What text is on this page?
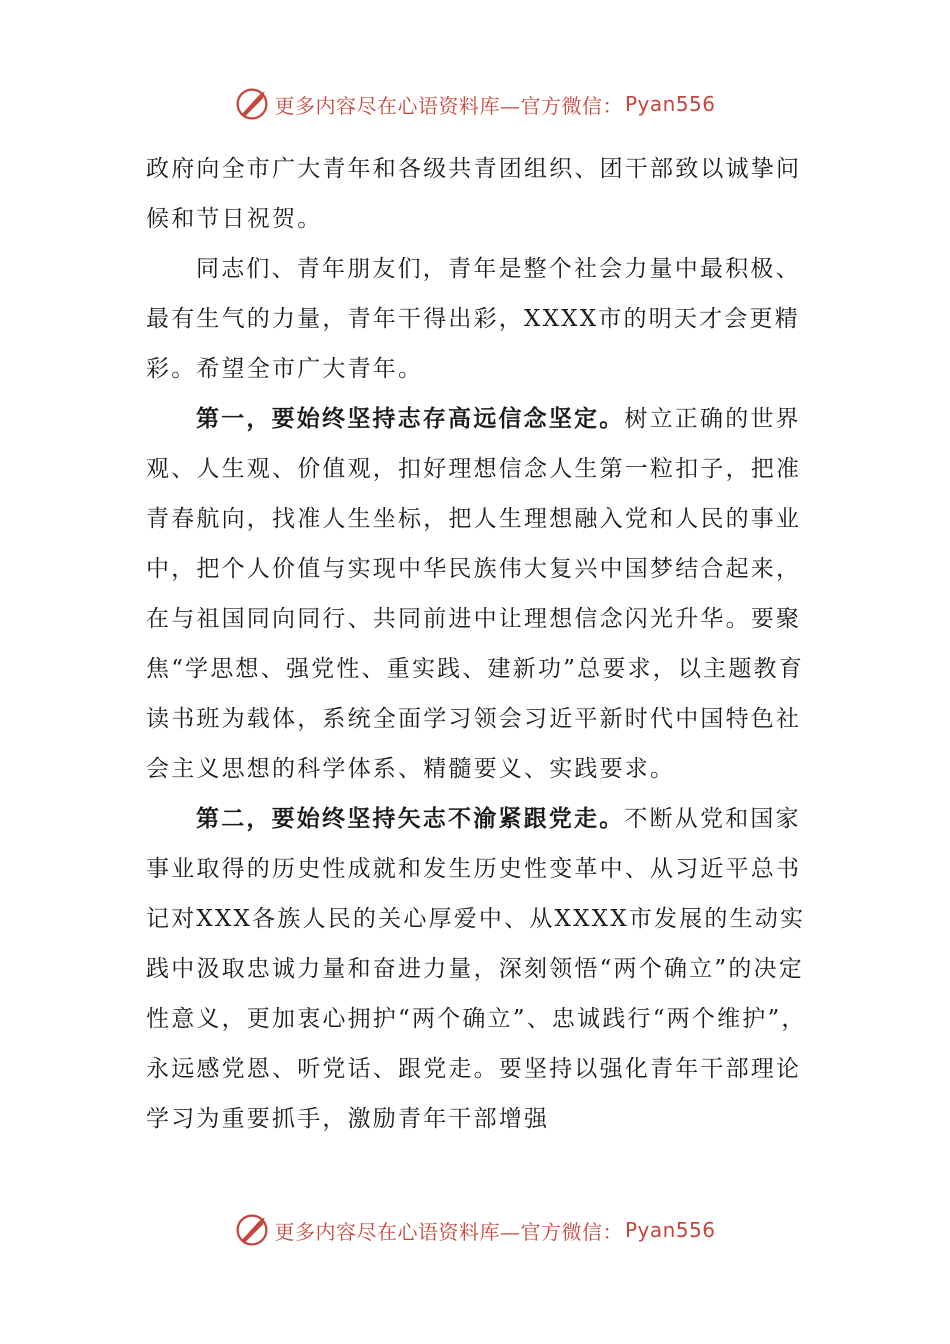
更多内容尽在心语资料库—官方微信： Pyan556

政府向全市广大青年和各级共青团组织、团干部致以诚挚问候和节日祝贺。

同志们、青年朋友们，青年是整个社会力量中最积极、最有生气的力量，青年干得出彩，XXXX市的明天才会更精彩。希望全市广大青年。

第一，要始终坚持志存高远信念坚定。树立正确的世界观、人生观、价值观，扣好理想信念人生第一粒扣子，把准青春航向，找准人生坐标，把人生理想融入党和人民的事业中，把个人价值与实现中华民族伟大复兴中国梦结合起来，在与祖国同向同行、共同前进中让理想信念闪光升华。要聚焦“学思想、强党性、重实践、建新功”总要求，以主题教育读书班为载体，系统全面学习领会习近平新时代中国特色社会主义思想的科学体系、精髓要义、实践要求。

第二，要始终坚持矢志不渝紧跟党走。不断从党和国家事业取得的历史性成就和发生历史性变革中、从习近平总书记对XXX各族人民的关心厚爱中、从XXXX市发展的生动实践中汲取忠诚力量和奋进力量，深刻领悟“两个确立”的决定性意义，更加衷心拥护“两个确立”、忠诚践行“两个维护”，永远感党恩、听党话、跟党走。要坚持以强化青年干部理论学习为重要抓手，激励青年干部增强

更多内容尽在心语资料库—官方微信： Pyan556
